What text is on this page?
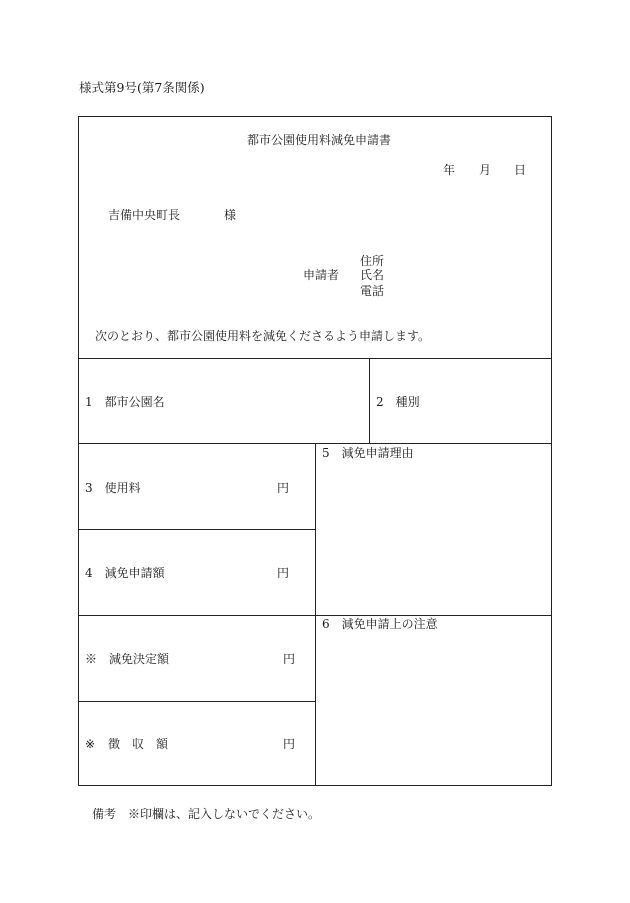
様式第9号(第7条関係)
都市公園使用料減免申請書
年 月 日
吉備中央町長	様
住所
申請者 氏名
電話
次のとおり、都市公園使用料を減免くださるよう申請します。
1　都市公園名	2　種別
3　使用料	円
5　減免申請理由
4　減免申請額	円
6　減免申請上の注意
※　減免決定額	円
※ 徴　収　額	円
備考　※印欄は、記入しないでください。
